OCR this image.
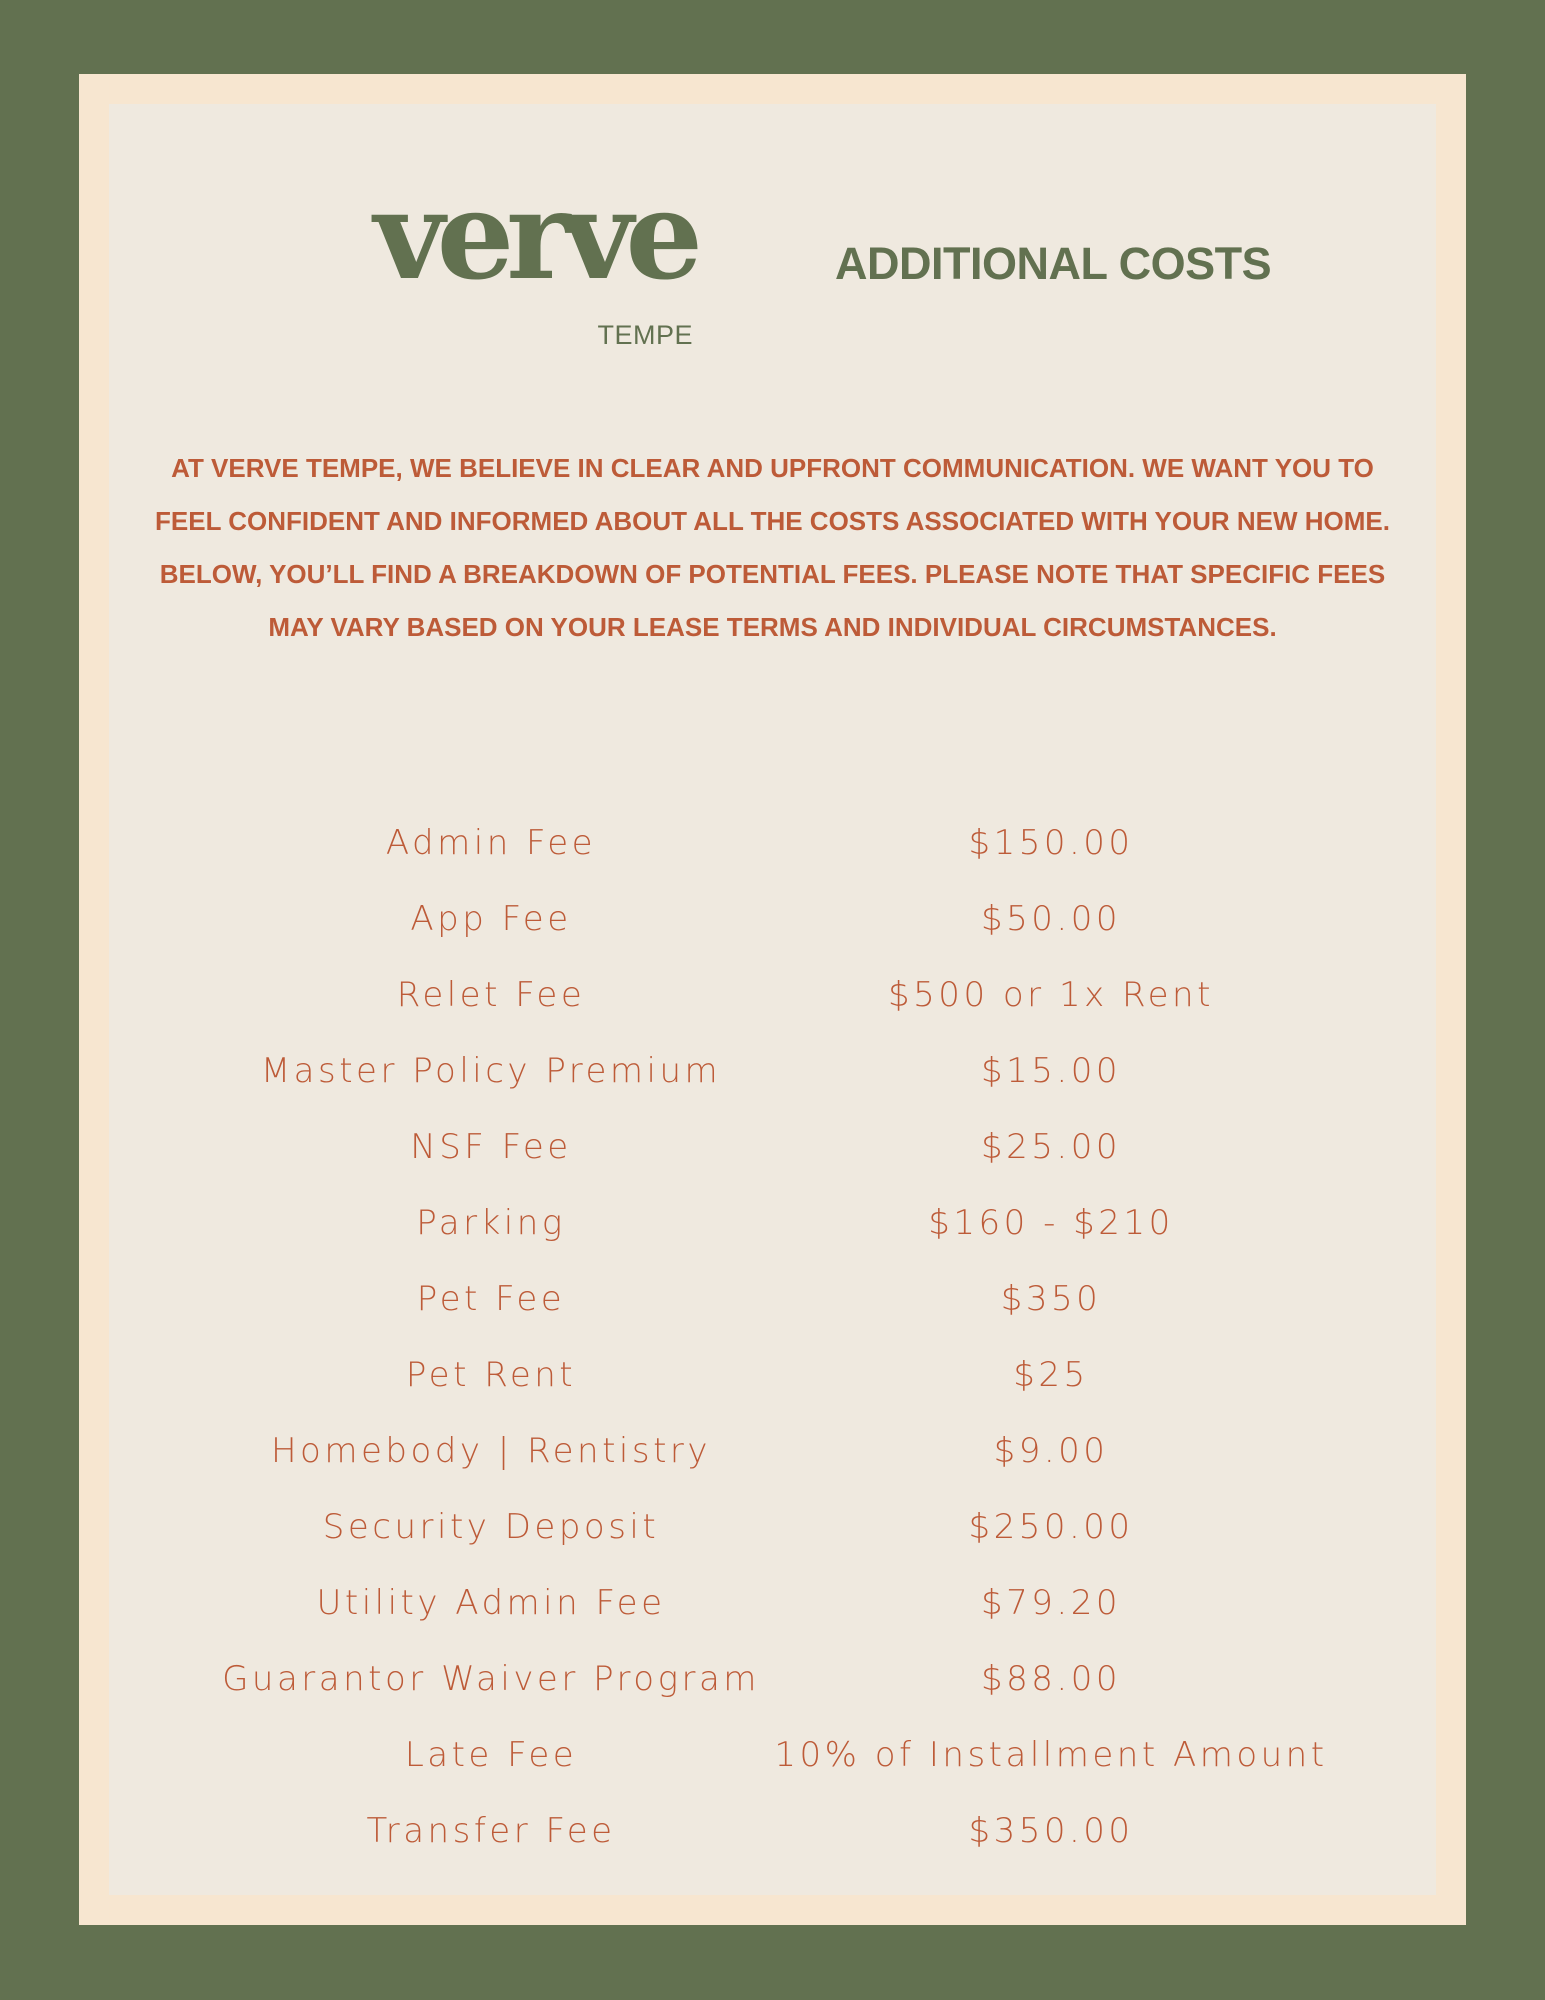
verve
TEMPE
ADDITIONAL COSTS
AT VERVE TEMPE, WE BELIEVE IN CLEAR AND UPFRONT COMMUNICATION. WE WANT YOU TO FEEL CONFIDENT AND INFORMED ABOUT ALL THE COSTS ASSOCIATED WITH YOUR NEW HOME. BELOW, YOU’LL FIND A BREAKDOWN OF POTENTIAL FEES. PLEASE NOTE THAT SPECIFIC FEES MAY VARY BASED ON YOUR LEASE TERMS AND INDIVIDUAL CIRCUMSTANCES.
Admin Fee	$150.00
App Fee	$50.00
Relet Fee	$500 or 1x Rent
Master Policy Premium	$15.00
NSF Fee	$25.00
Parking	$160 - $210
Pet Fee	$350
Pet Rent	$25
Homebody | Rentistry	$9.00
Security Deposit	$250.00
Utility Admin Fee	$79.20
Guarantor Waiver Program	$88.00
Late Fee	10% of Installment Amount
Transfer Fee	$350.00
